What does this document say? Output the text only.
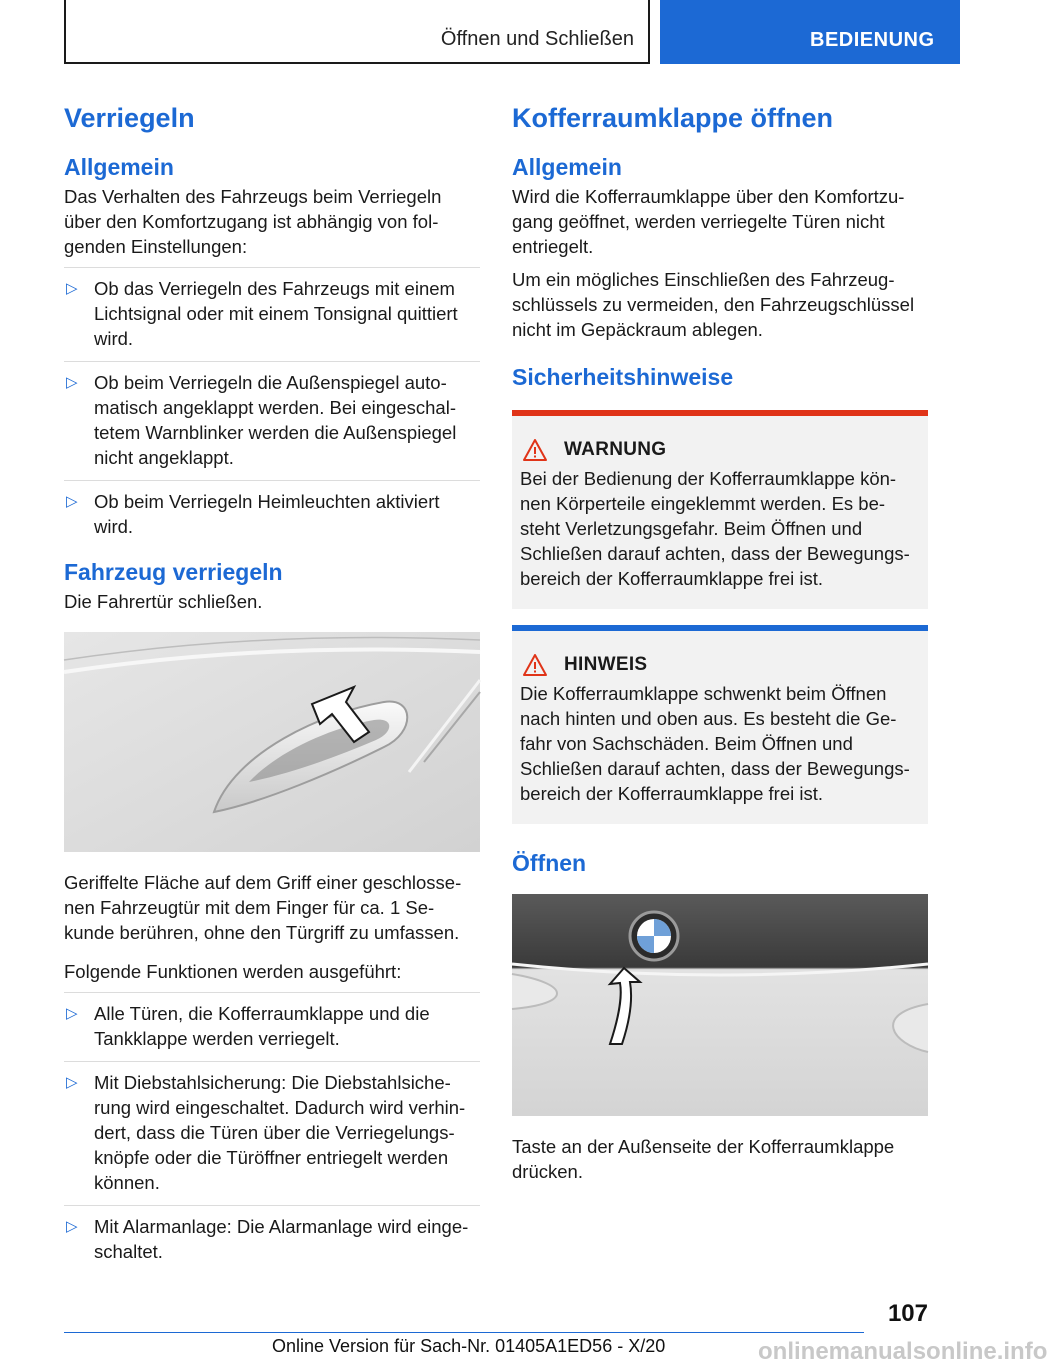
Öffnen und Schließen	BEDIENUNG
Verriegeln
Allgemein

Das Verhalten des Fahrzeugs beim Verriegeln über den Komfortzugang ist abhängig von fol-genden Einstellungen:

▷ Ob das Verriegeln des Fahrzeugs mit einem Lichtsignal oder mit einem Tonsignal quittiert wird.
▷ Ob beim Verriegeln die Außenspiegel auto-matisch angeklappt werden. Bei eingeschal-tetem Warnblinker werden die Außenspiegel nicht angeklappt.
▷ Ob beim Verriegeln Heimleuchten aktiviert wird.
Fahrzeug verriegeln

Die Fahrertür schließen.

Geriffelte Fläche auf dem Griff einer geschlosse-nen Fahrzeugtür mit dem Finger für ca. 1 Se-kunde berühren, ohne den Türgriff zu umfassen.

Folgende Funktionen werden ausgeführt:

▷ Alle Türen, die Kofferraumklappe und die Tankklappe werden verriegelt.
▷ Mit Diebstahlsicherung: Die Diebstahlsiche-rung wird eingeschaltet. Dadurch wird verhin-dert, dass die Türen über die Verriegelungs-knöpfe oder die Türöffner entriegelt werden können.
▷ Mit Alarmanlage: Die Alarmanlage wird einge-schaltet.
Kofferraumklappe öffnen
Allgemein

Wird die Kofferraumklappe über den Komfortzu-gang geöffnet, werden verriegelte Türen nicht entriegelt.

Um ein mögliches Einschließen des Fahrzeug-schlüssels zu vermeiden, den Fahrzeugschlüssel nicht im Gepäckraum ablegen.

Sicherheitshinweise
WARNUNG

Bei der Bedienung der Kofferraumklappe kön-nen Körperteile eingeklemmt werden. Es be-steht Verletzungsgefahr. Beim Öffnen und Schließen darauf achten, dass der Bewegungs-bereich der Kofferraumklappe frei ist.

HINWEIS

Die Kofferraumklappe schwenkt beim Öffnen nach hinten und oben aus. Es besteht die Ge-fahr von Sachschäden. Beim Öffnen und Schließen darauf achten, dass der Bewegungs-bereich der Kofferraumklappe frei ist.

Öffnen

Taste an der Außenseite der Kofferraumklappe drücken.

107
Online Version für Sach-Nr. 01405A1ED56 - X/20	onlinemanualsonline.info
